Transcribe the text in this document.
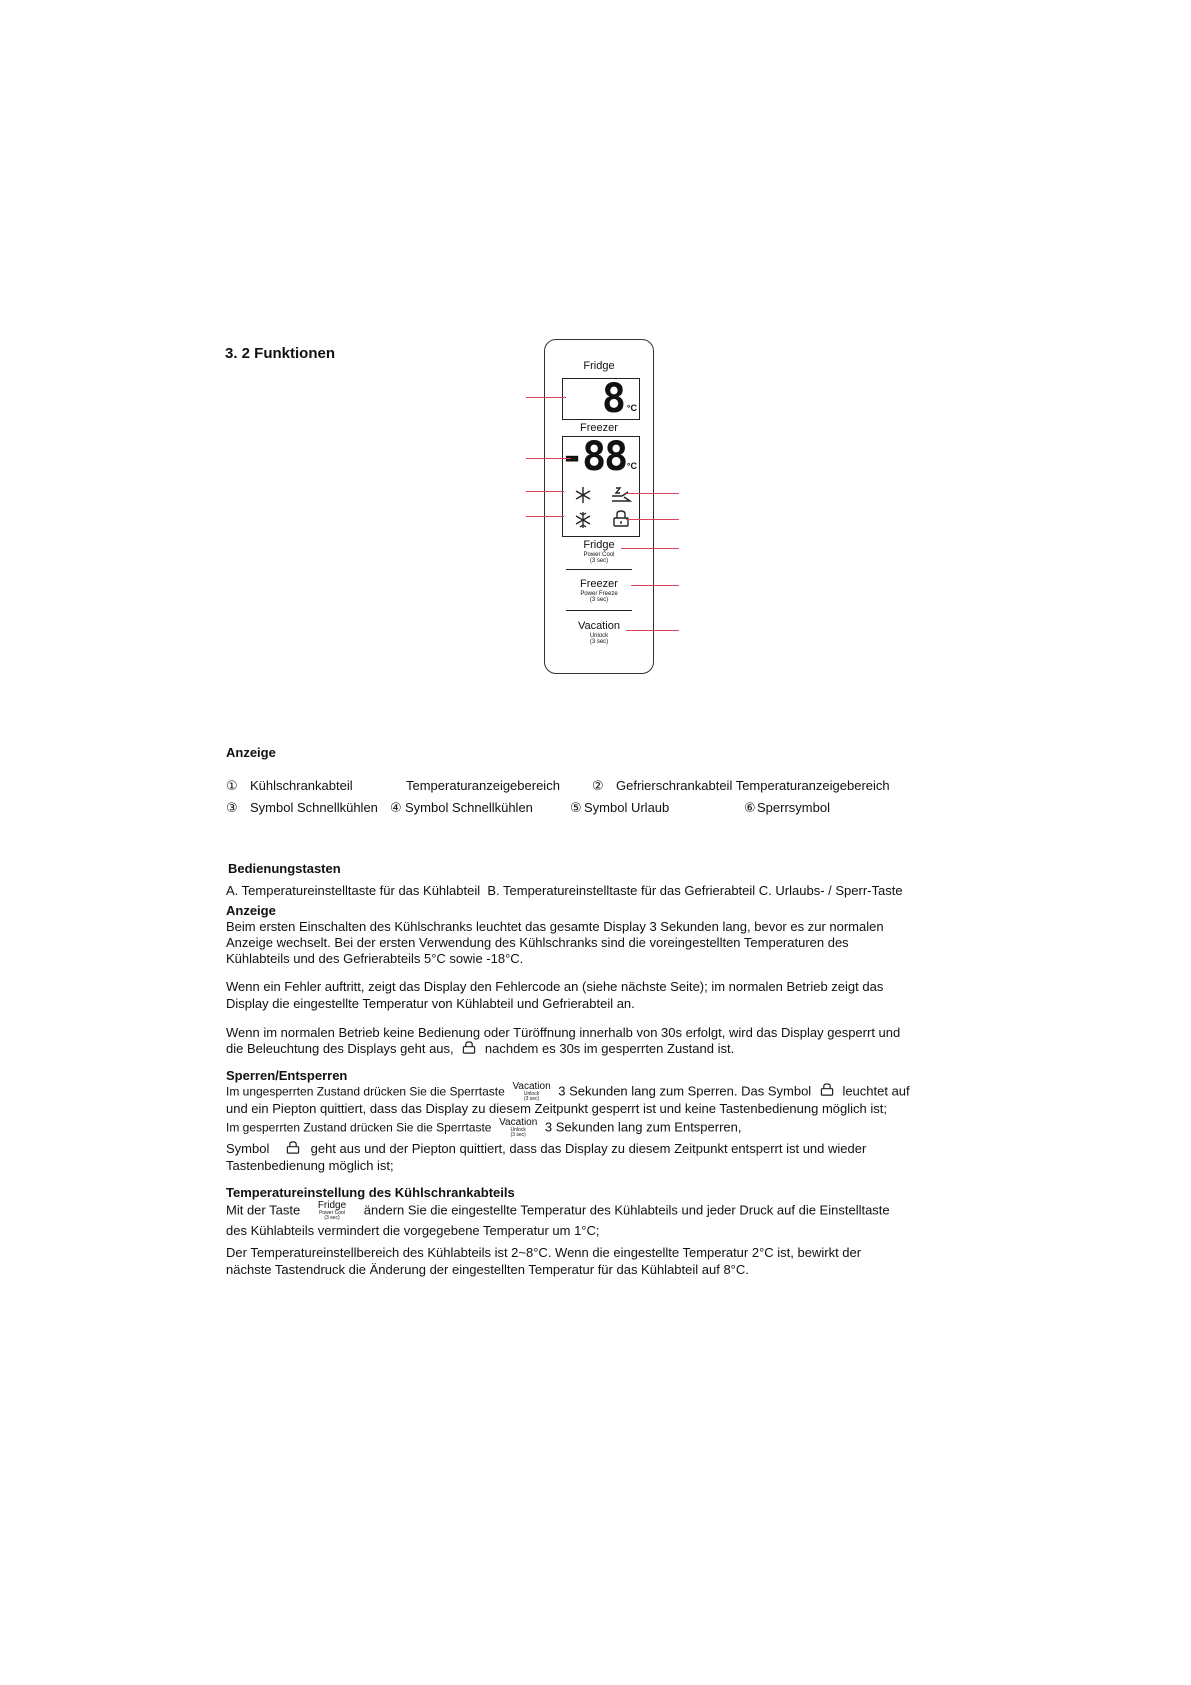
3. 2 Funktionen
Fridge
8 °C
Freezer
-88 °C
Fridge
Power Cool
(3 sec)
Freezer
Power Freeze
(3 sec)
Vacation
Unlock
(3 sec)
Anzeige
① Kühlschrankabteil	Temperaturanzeigebereich ② Gefrierschrankabteil Temperaturanzeigebereich
③ Symbol Schnellkühlen ④ Symbol Schnellkühlen	⑤ Symbol Urlaub	⑥ Sperrsymbol
Bedienungstasten
A. Temperatureinstelltaste für das Kühlabteil  B. Temperatureinstelltaste für das Gefrierabteil C. Urlaubs- / Sperr-Taste
Anzeige
Beim ersten Einschalten des Kühlschranks leuchtet das gesamte Display 3 Sekunden lang, bevor es zur normalen
Anzeige wechselt. Bei der ersten Verwendung des Kühlschranks sind die voreingestellten Temperaturen des
Kühlabteils und des Gefrierabteils 5°C sowie -18°C.
Wenn ein Fehler auftritt, zeigt das Display den Fehlercode an (siehe nächste Seite); im normalen Betrieb zeigt das
Display die eingestellte Temperatur von Kühlabteil und Gefrierabteil an.
Wenn im normalen Betrieb keine Bedienung oder Türöffnung innerhalb von 30s erfolgt, wird das Display gesperrt und
die Beleuchtung des Displays geht aus, nachdem es 30s im gesperrten Zustand ist.
Sperren/Entsperren
Im ungesperrten Zustand drücken Sie die Sperrtaste Vacation
Unlock
(3 sec)
3 Sekunden lang zum Sperren. Das Symbol leuchtet auf
und ein Piepton quittiert, dass das Display zu diesem Zeitpunkt gesperrt ist und keine Tastenbedienung möglich ist;
Im gesperrten Zustand drücken Sie die Sperrtaste Vacation
Unlock
(3 sec)
3 Sekunden lang zum Entsperren,
Symbol	geht aus und der Piepton quittiert, dass das Display zu diesem Zeitpunkt entsperrt ist und wieder
Tastenbedienung möglich ist;
Temperatureinstellung des Kühlschrankabteils
Mit der Taste Fridge
Power Cool
(3 sec)
ändern Sie die eingestellte Temperatur des Kühlabteils und jeder Druck auf die Einstelltaste
des Kühlabteils vermindert die vorgegebene Temperatur um 1°C;
Der Temperatureinstellbereich des Kühlabteils ist 2~8°C. Wenn die eingestellte Temperatur 2°C ist, bewirkt der
nächste Tastendruck die Änderung der eingestellten Temperatur für das Kühlabteil auf 8°C.
